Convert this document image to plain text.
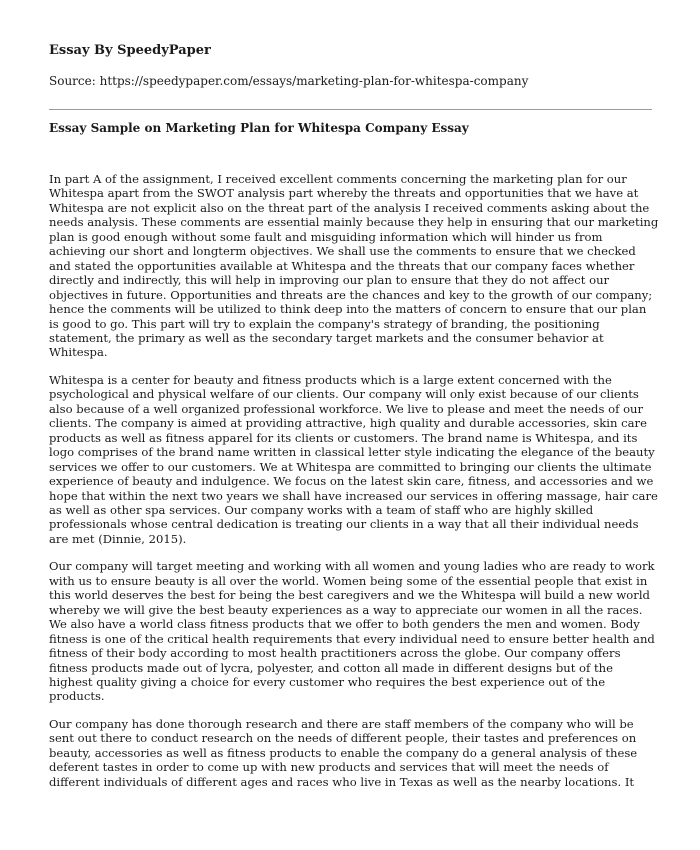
Essay By SpeedyPaper
Source: https://speedypaper.com/essays/marketing-plan-for-whitespa-company
Essay Sample on Marketing Plan for Whitespa Company Essay

In part A of the assignment, I received excellent comments concerning the marketing plan for our Whitespa apart from the SWOT analysis part whereby the threats and opportunities that we have at Whitespa are not explicit also on the threat part of the analysis I received comments asking about the needs analysis. These comments are essential mainly because they help in ensuring that our marketing plan is good enough without some fault and misguiding information which will hinder us from achieving our short and longterm objectives. We shall use the comments to ensure that we checked and stated the opportunities available at Whitespa and the threats that our company faces whether directly and indirectly, this will help in improving our plan to ensure that they do not affect our objectives in future. Opportunities and threats are the chances and key to the growth of our company; hence the comments will be utilized to think deep into the matters of concern to ensure that our plan is good to go. This part will try to explain the company's strategy of branding, the positioning statement, the primary as well as the secondary target markets and the consumer behavior at Whitespa.

Whitespa is a center for beauty and fitness products which is a large extent concerned with the psychological and physical welfare of our clients. Our company will only exist because of our clients also because of a well organized professional workforce. We live to please and meet the needs of our clients. The company is aimed at providing attractive, high quality and durable accessories, skin care products as well as fitness apparel for its clients or customers. The brand name is Whitespa, and its logo comprises of the brand name written in classical letter style indicating the elegance of the beauty services we offer to our customers. We at Whitespa are committed to bringing our clients the ultimate experience of beauty and indulgence. We focus on the latest skin care, fitness, and accessories and we hope that within the next two years we shall have increased our services in offering massage, hair care as well as other spa services. Our company works with a team of staff who are highly skilled professionals whose central dedication is treating our clients in a way that all their individual needs are met (Dinnie, 2015).

Our company will target meeting and working with all women and young ladies who are ready to work with us to ensure beauty is all over the world. Women being some of the essential people that exist in this world deserves the best for being the best caregivers and we the Whitespa will build a new world whereby we will give the best beauty experiences as a way to appreciate our women in all the races. We also have a world class fitness products that we offer to both genders the men and women. Body fitness is one of the critical health requirements that every individual need to ensure better health and fitness of their body according to most health practitioners across the globe. Our company offers fitness products made out of lycra, polyester, and cotton all made in different designs but of the highest quality giving a choice for every customer who requires the best experience out of the products.

Our company has done thorough research and there are staff members of the company who will be sent out there to conduct research on the needs of different people, their tastes and preferences on beauty, accessories as well as fitness products to enable the company do a general analysis of these deferent tastes in order to come up with new products and services that will meet the needs of different individuals of different ages and races who live in Texas as well as the nearby locations. It
